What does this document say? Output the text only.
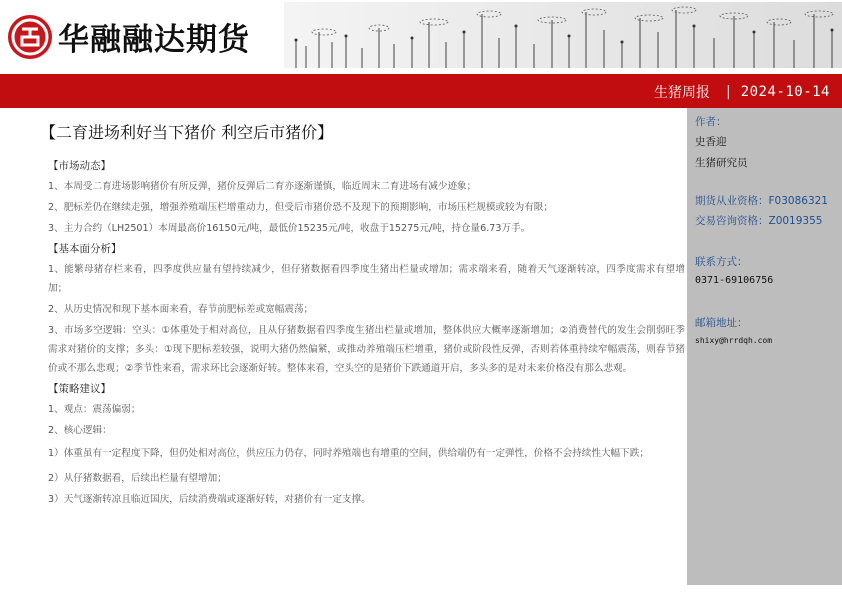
华融融达期货
生猪周报 | 2024-10-14
【二育进场利好当下猪价 利空后市猪价】
【市场动态】
1、本周受二育进场影响猪价有所反弹，猪价反弹后二育亦逐渐谨慎，临近周末二育进场有减少迹象；
2、肥标差仍在继续走强，增强养殖端压栏增重动力，但受后市猪价恐不及现下的预期影响，市场压栏规模或较为有限；
3、主力合约（LH2501）本周最高价16150元/吨，最低价15235元/吨，收盘于15275元/吨，持仓量6.73万手。
【基本面分析】
1、能繁母猪存栏来看，四季度供应量有望持续减少，但仔猪数据看四季度生猪出栏量或增加；需求端来看，随着天气逐渐转凉，四季度需求有望增加；
2、从历史情况和现下基本面来看，春节前肥标差或宽幅震荡；
3、市场多空逻辑：空头：①体重处于相对高位，且从仔猪数据看四季度生猪出栏量或增加，整体供应大概率逐渐增加；②消费替代的发生会削弱旺季需求对猪价的支撑；多头：①现下肥标差较强，说明大猪仍然偏紧，或推动养殖端压栏增重，猪价或阶段性反弹，否则若体重持续窄幅震荡，则春节猪价或不那么悲观；②季节性来看，需求环比会逐渐好转。整体来看，空头空的是猪价下跌通道开启，多头多的是对未来价格没有那么悲观。
【策略建议】
1、观点：震荡偏弱；
2、核心逻辑：
1）体重虽有一定程度下降，但仍处相对高位，供应压力仍存，同时养殖端也有增重的空间，供给端仍有一定弹性，价格不会持续性大幅下跌；
2）从仔猪数据看，后续出栏量有望增加；
3）天气逐渐转凉且临近国庆，后续消费端或逐渐好转，对猪价有一定支撑。
作者：
史香迎
生猪研究员
期货从业资格：F03086321
交易咨询资格：Z0019355
联系方式：
0371-69106756
邮箱地址：
shixy@hrrdqh.com
